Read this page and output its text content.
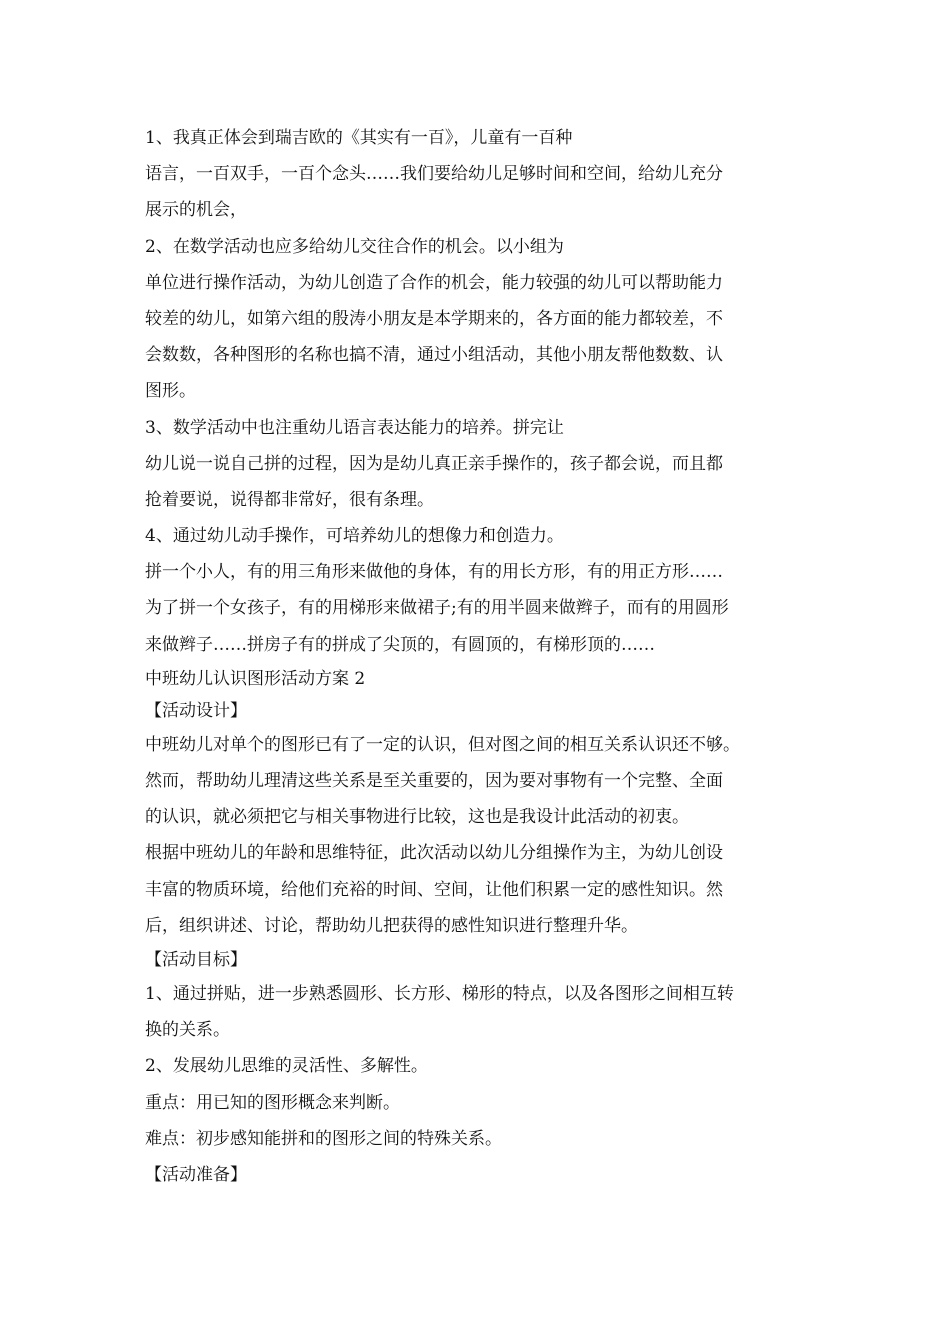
1、我真正体会到瑞吉欧的《其实有一百》，儿童有一百种
语言，一百双手，一百个念头……我们要给幼儿足够时间和空间，给幼儿充分
展示的机会，
2、在数学活动也应多给幼儿交往合作的机会。以小组为
单位进行操作活动，为幼儿创造了合作的机会，能力较强的幼儿可以帮助能力
较差的幼儿，如第六组的殷涛小朋友是本学期来的，各方面的能力都较差，不
会数数，各种图形的名称也搞不清，通过小组活动，其他小朋友帮他数数、认
图形。
3、数学活动中也注重幼儿语言表达能力的培养。拼完让
幼儿说一说自己拼的过程，因为是幼儿真正亲手操作的，孩子都会说，而且都
抢着要说，说得都非常好，很有条理。
4、通过幼儿动手操作，可培养幼儿的想像力和创造力。
拼一个小人，有的用三角形来做他的身体，有的用长方形，有的用正方形……
为了拼一个女孩子，有的用梯形来做裙子;有的用半圆来做辫子，而有的用圆形
来做辫子……拼房子有的拼成了尖顶的，有圆顶的，有梯形顶的……
中班幼儿认识图形活动方案 2
【活动设计】
中班幼儿对单个的图形已有了一定的认识，但对图之间的相互关系认识还不够。
然而，帮助幼儿理清这些关系是至关重要的，因为要对事物有一个完整、全面
的认识，就必须把它与相关事物进行比较，这也是我设计此活动的初衷。
根据中班幼儿的年龄和思维特征，此次活动以幼儿分组操作为主，为幼儿创设
丰富的物质环境，给他们充裕的时间、空间，让他们积累一定的感性知识。然
后，组织讲述、讨论，帮助幼儿把获得的感性知识进行整理升华。
【活动目标】
1、通过拼贴，进一步熟悉圆形、长方形、梯形的特点，以及各图形之间相互转
换的关系。
2、发展幼儿思维的灵活性、多解性。
重点：用已知的图形概念来判断。
难点：初步感知能拼和的图形之间的特殊关系。
【活动准备】
